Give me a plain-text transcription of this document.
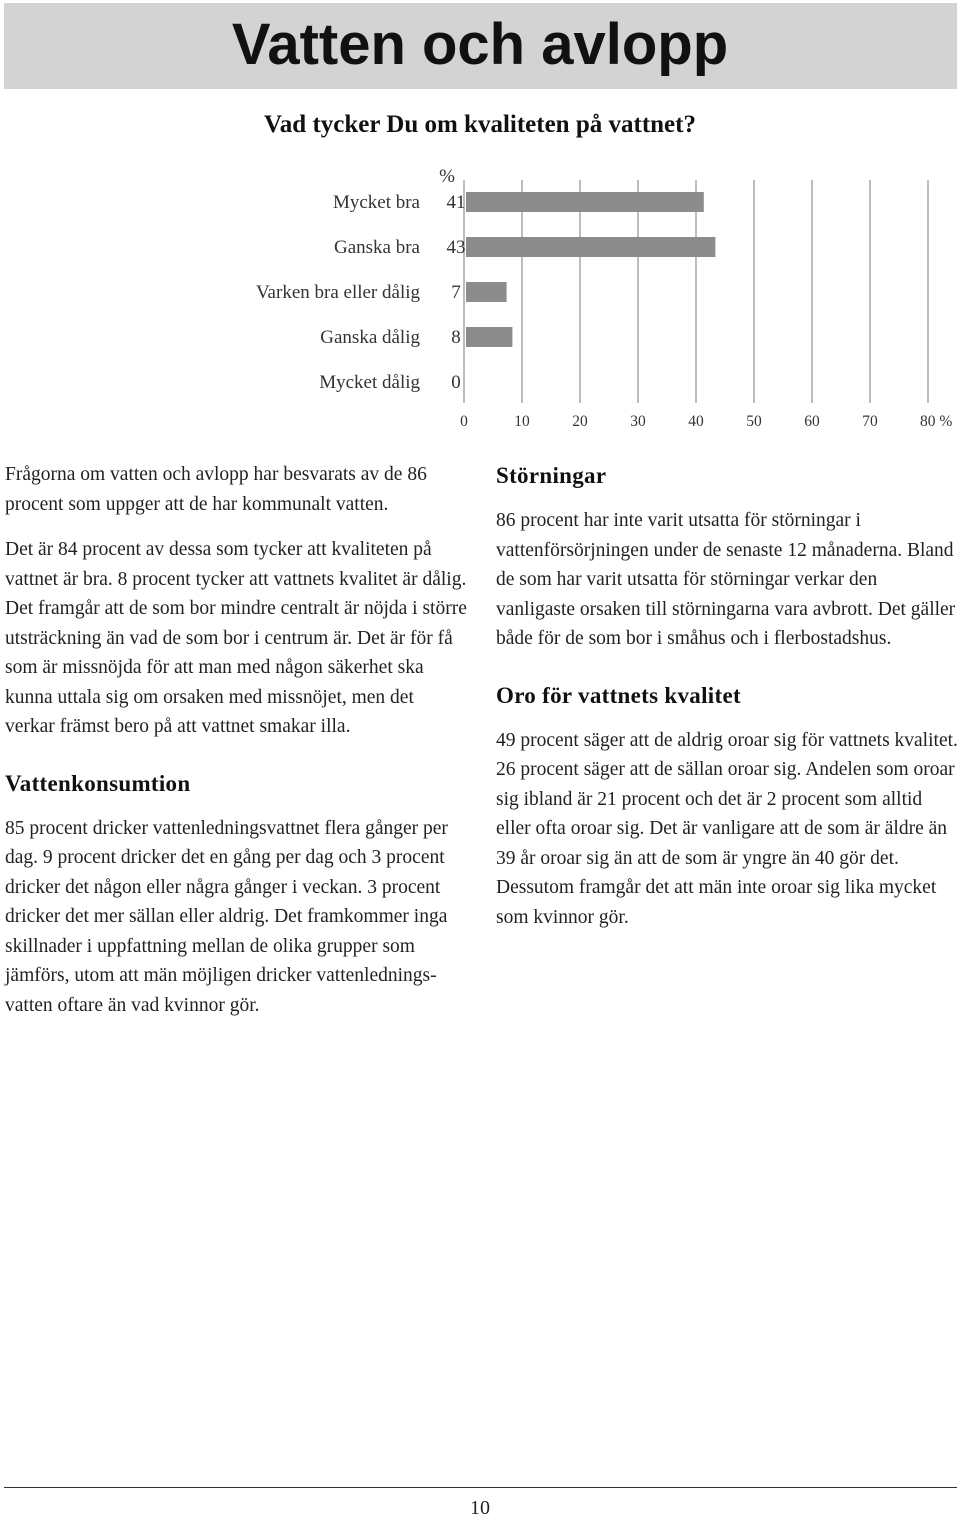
Vatten och avlopp
Vad tycker Du om kvaliteten på vattnet?
%
Mycket bra 41
Ganska bra 43
Varken bra eller dålig 7
Ganska dålig 8
Mycket dålig 0
0	10	20	30	40	50	60	70	80 %

Frågorna om vatten och avlopp har besvarats av de 86 procent som uppger att de har kommunalt vatten.

Det är 84 procent av dessa som tycker att kvaliteten på vattnet är bra. 8 procent tycker att vattnets kvalitet är dålig. Det framgår att de som bor mindre centralt är nöjda i större utsträckning än vad de som bor i centrum är. Det är för få som är missnöjda för att man med någon säkerhet ska kunna uttala sig om orsaken med missnöjet, men det verkar främst bero på att vattnet smakar illa.

Vattenkonsumtion

85 procent dricker vattenledningsvattnet flera gånger per dag. 9 procent dricker det en gång per dag och 3 procent dricker det någon eller några gånger i veckan. 3 procent dricker det mer sällan eller aldrig. Det framkommer inga skillnader i uppfattning mellan de olika grupper som jämförs, utom att män möjligen dricker vattenlednings-vatten oftare än vad kvinnor gör.

Störningar

86 procent har inte varit utsatta för störningar i vattenförsörjningen under de senaste 12 månaderna. Bland de som har varit utsatta för störningar verkar den vanligaste orsaken till störningarna vara avbrott. Det gäller både för de som bor i småhus och i flerbostadshus.

Oro för vattnets kvalitet

49 procent säger att de aldrig oroar sig för vattnets kvalitet. 26 procent säger att de sällan oroar sig. Andelen som oroar sig ibland är 21 procent och det är 2 procent som alltid eller ofta oroar sig. Det är vanligare att de som är äldre än 39 år oroar sig än att de som är yngre än 40 gör det. Dessutom framgår det att män inte oroar sig lika mycket som kvinnor gör.

10
